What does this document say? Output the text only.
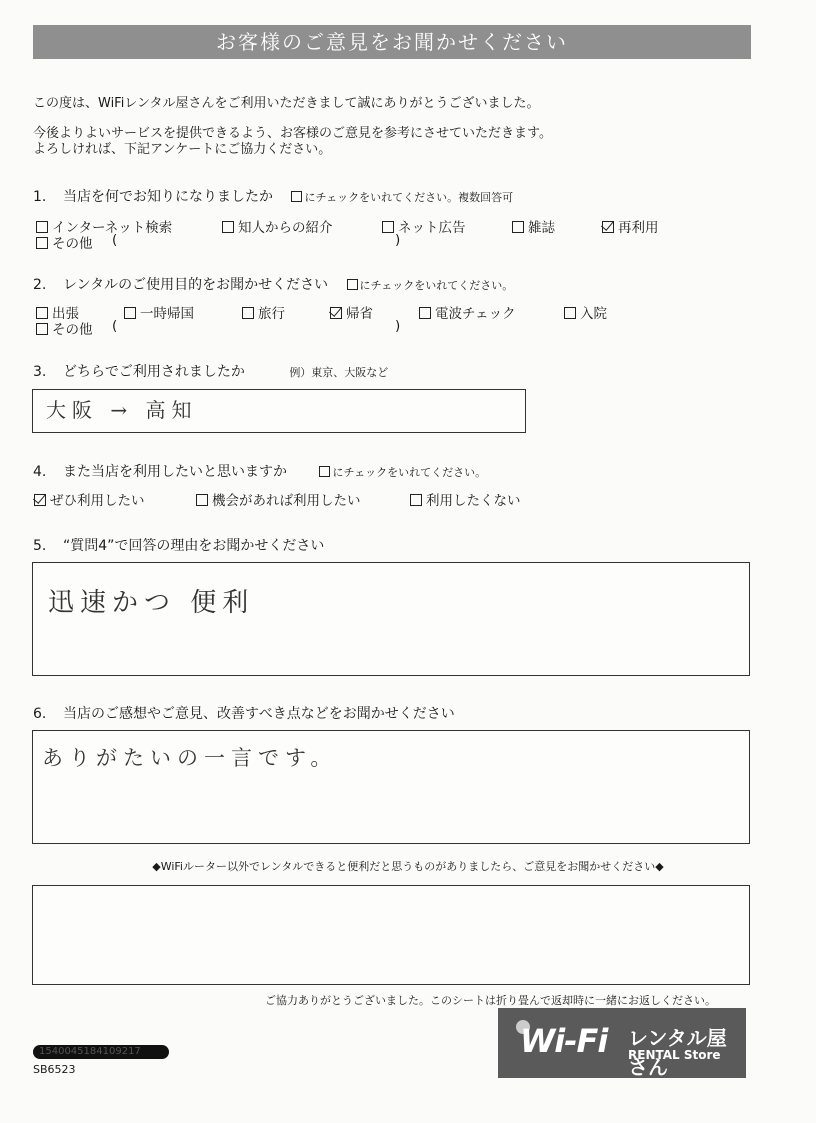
お客様のご意見をお聞かせください
この度は、WiFiレンタル屋さんをご利用いただきまして誠にありがとうございました。
今後よりよいサービスを提供できるよう、お客様のご意見を参考にさせていただきます。
よろしければ、下記アンケートにご協力ください。
1. 当店を何でお知りになりましたか	にチェックをいれてください。複数回答可
インターネット検索	知人からの紹介	ネット広告	雑誌	再利用
その他 (	)
2. レンタルのご使用目的をお聞かせください	にチェックをいれてください。
出張	一時帰国	旅行	帰省	電波チェック	入院
その他 (	)
3. どちらでご利用されましたか	例）東京、大阪など
大阪 → 高知
4. また当店を利用したいと思いますか	にチェックをいれてください。
ぜひ利用したい	機会があれば利用したい	利用したくない
5. “質問4”で回答の理由をお聞かせください
迅速かつ 便利
6. 当店のご感想やご意見、改善すべき点などをお聞かせください
ありがたいの一言です。
◆WiFiルーター以外でレンタルできると便利だと思うものがありましたら、ご意見をお聞かせください◆
ご協力ありがとうございました。このシートは折り畳んで返却時に一緒にお返しください。
1540045184109217
SB6523
Wi-Fi レンタル屋さん
RENTAL Store
